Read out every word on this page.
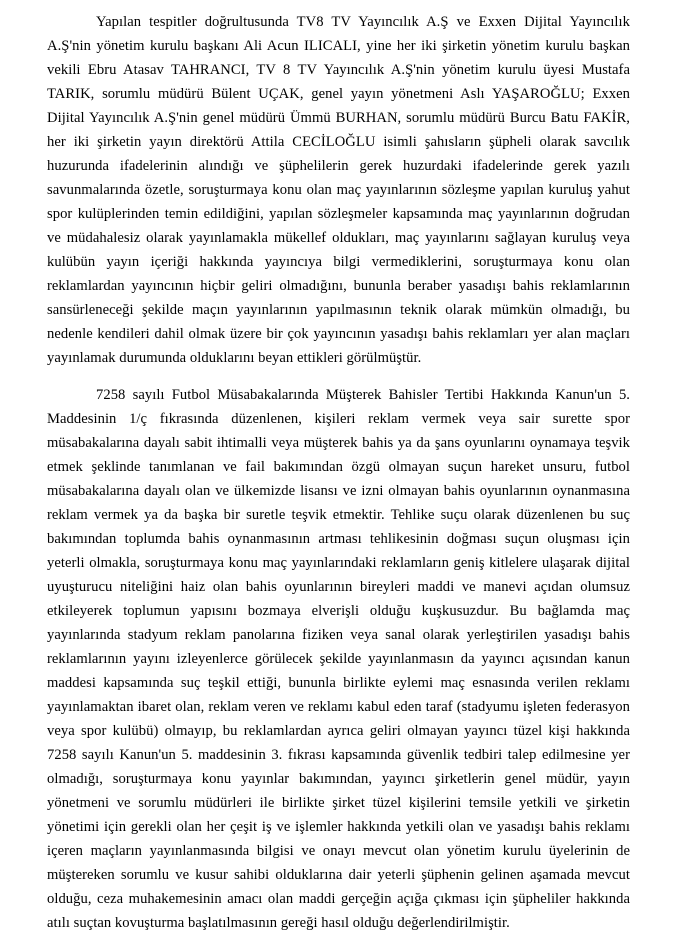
Yapılan tespitler doğrultusunda TV8 TV Yayıncılık A.Ş ve Exxen Dijital Yayıncılık A.Ş'nin yönetim kurulu başkanı Ali Acun ILICALI, yine her iki şirketin yönetim kurulu başkan vekili Ebru Atasav TAHRANCI, TV 8 TV Yayıncılık A.Ş'nin yönetim kurulu üyesi Mustafa TARIK, sorumlu müdürü Bülent UÇAK, genel yayın yönetmeni Aslı YAŞAROĞLU; Exxen Dijital Yayıncılık A.Ş'nin genel müdürü Ümmü BURHAN, sorumlu müdürü Burcu Batu FAKİR, her iki şirketin yayın direktörü Attila CECİLOĞLU isimli şahısların şüpheli olarak savcılık huzurunda ifadelerinin alındığı ve şüphelilerin gerek huzurdaki ifadelerinde gerek yazılı savunmalarında özetle, soruşturmaya konu olan maç yayınlarının sözleşme yapılan kuruluş yahut spor kulüplerinden temin edildiğini, yapılan sözleşmeler kapsamında maç yayınlarının doğrudan ve müdahalesiz olarak yayınlamakla mükellef oldukları, maç yayınlarını sağlayan kuruluş veya kulübün yayın içeriği hakkında yayıncıya bilgi vermediklerini, soruşturmaya konu olan reklamlardan yayıncının hiçbir geliri olmadığını, bununla beraber yasadışı bahis reklamlarının sansürleneceği şekilde maçın yayınlarının yapılmasının teknik olarak mümkün olmadığı, bu nedenle kendileri dahil olmak üzere bir çok yayıncının yasadışı bahis reklamları yer alan maçları yayınlamak durumunda olduklarını beyan ettikleri görülmüştür.

7258 sayılı Futbol Müsabakalarında Müşterek Bahisler Tertibi Hakkında Kanun'un 5. Maddesinin 1/ç fıkrasında düzenlenen, kişileri reklam vermek veya sair surette spor müsabakalarına dayalı sabit ihtimalli veya müşterek bahis ya da şans oyunlarını oynamaya teşvik etmek şeklinde tanımlanan ve fail bakımından özgü olmayan suçun hareket unsuru, futbol müsabakalarına dayalı olan ve ülkemizde lisansı ve izni olmayan bahis oyunlarının oynanmasına reklam vermek ya da başka bir suretle teşvik etmektir. Tehlike suçu olarak düzenlenen bu suç bakımından toplumda bahis oynanmasının artması tehlikesinin doğması suçun oluşması için yeterli olmakla, soruşturmaya konu maç yayınlarındaki reklamların geniş kitlelere ulaşarak dijital uyuşturucu niteliğini haiz olan bahis oyunlarının bireyleri maddi ve manevi açıdan olumsuz etkileyerek toplumun yapısını bozmaya elverişli olduğu kuşkusuzdur. Bu bağlamda maç yayınlarında stadyum reklam panolarına fiziken veya sanal olarak yerleştirilen yasadışı bahis reklamlarının yayını izleyenlerce görülecek şekilde yayınlanmasın da yayıncı açısından kanun maddesi kapsamında suç teşkil ettiği, bununla birlikte eylemi maç esnasında verilen reklamı yayınlamaktan ibaret olan, reklam veren ve reklamı kabul eden taraf (stadyumu işleten federasyon veya spor kulübü) olmayıp, bu reklamlardan ayrıca geliri olmayan yayıncı tüzel kişi hakkında 7258 sayılı Kanun'un 5. maddesinin 3. fıkrası kapsamında güvenlik tedbiri talep edilmesine yer olmadığı, soruşturmaya konu yayınlar bakımından, yayıncı şirketlerin genel müdür, yayın yönetmeni ve sorumlu müdürleri ile birlikte şirket tüzel kişilerini temsile yetkili ve şirketin yönetimi için gerekli olan her çeşit iş ve işlemler hakkında yetkili olan ve yasadışı bahis reklamı içeren maçların yayınlanmasında bilgisi ve onayı mevcut olan yönetim kurulu üyelerinin de müştereken sorumlu ve kusur sahibi olduklarına dair yeterli şüphenin gelinen aşamada mevcut olduğu, ceza muhakemesinin amacı olan maddi gerçeğin açığa çıkması için şüpheliler hakkında atılı suçtan kovuşturma başlatılmasının gereği hasıl olduğu değerlendirilmiştir.
